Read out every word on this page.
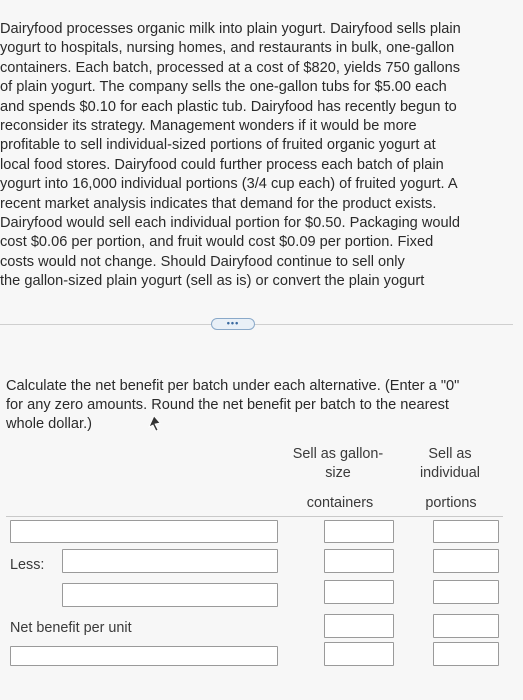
Dairyfood processes organic milk into plain yogurt. Dairyfood sells plain
yogurt to hospitals, nursing homes, and restaurants in bulk, one-gallon
containers. Each batch, processed at a cost of $820, yields 750 gallons
of plain yogurt. The company sells the one-gallon tubs for $5.00 each
and spends $0.10 for each plastic tub. Dairyfood has recently begun to
reconsider its strategy. Management wonders if it would be more
profitable to sell individual-sized portions of fruited organic yogurt at
local food stores. Dairyfood could further process each batch of plain
yogurt into 16,000 individual portions (3/4 cup each) of fruited yogurt. A
recent market analysis indicates that demand for the product exists.
Dairyfood would sell each individual portion for $0.50. Packaging would
cost $0.06 per portion, and fruit would cost $0.09 per portion. Fixed
costs would not change. Should Dairyfood continue to sell only
the gallon-sized plain yogurt (sell as is) or convert the plain yogurt
•••
Calculate the net benefit per batch under each alternative. (Enter a "0"
for any zero amounts. Round the net benefit per batch to the nearest
whole dollar.)
Sell as gallon-
size
Sell as
individual
containers	portions
Less:
Net benefit per unit
